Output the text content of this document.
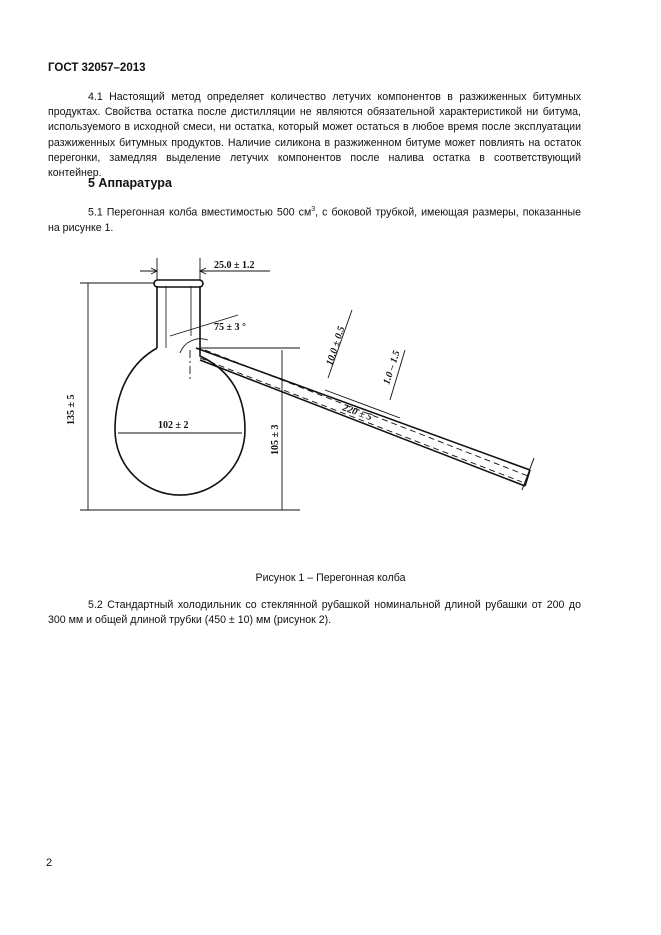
ГОСТ 32057–2013
4.1 Настоящий метод определяет количество летучих компонентов в разжиженных битумных продуктах. Свойства остатка после дистилляции не являются обязательной характеристикой ни битума, используемого в исходной смеси, ни остатка, который может остаться в любое время после эксплуатации разжиженных битумных продуктов. Наличие силикона в разжиженном битуме может повлиять на остаток перегонки, замедляя выделение летучих компонентов после налива остатка в соответствующий контейнер.
5 Аппаратура
5.1 Перегонная колба вместимостью 500 $см^3$, с боковой трубкой, имеющая размеры, показанные на рисунке 1.
25.0 ± 1.2
75 ± 3 °	10.0 ± 0.5
1.0 – 1.5
220 ± 5
102 ± 2
135 ± 5
105 ± 3
Рисунок 1 – Перегонная колба
5.2 Стандартный холодильник со стеклянной рубашкой номинальной длиной рубашки от 200 до 300 мм и общей длиной трубки (450 ± 10) мм (рисунок 2).
2
